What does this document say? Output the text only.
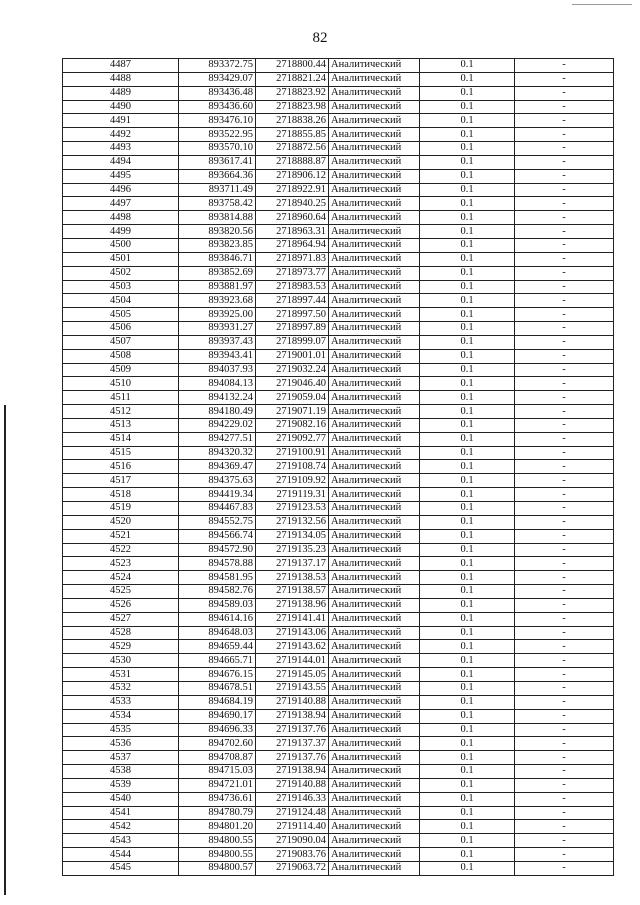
82
4487	893372.75	2718800.44	Аналитический	0.1	-
4488	893429.07	2718821.24	Аналитический	0.1	-
4489	893436.48	2718823.92	Аналитический	0.1	-
4490	893436.60	2718823.98	Аналитический	0.1	-
4491	893476.10	2718838.26	Аналитический	0.1	-
4492	893522.95	2718855.85	Аналитический	0.1	-
4493	893570.10	2718872.56	Аналитический	0.1	-
4494	893617.41	2718888.87	Аналитический	0.1	-
4495	893664.36	2718906.12	Аналитический	0.1	-
4496	893711.49	2718922.91	Аналитический	0.1	-
4497	893758.42	2718940.25	Аналитический	0.1	-
4498	893814.88	2718960.64	Аналитический	0.1	-
4499	893820.56	2718963.31	Аналитический	0.1	-
4500	893823.85	2718964.94	Аналитический	0.1	-
4501	893846.71	2718971.83	Аналитический	0.1	-
4502	893852.69	2718973.77	Аналитический	0.1	-
4503	893881.97	2718983.53	Аналитический	0.1	-
4504	893923.68	2718997.44	Аналитический	0.1	-
4505	893925.00	2718997.50	Аналитический	0.1	-
4506	893931.27	2718997.89	Аналитический	0.1	-
4507	893937.43	2718999.07	Аналитический	0.1	-
4508	893943.41	2719001.01	Аналитический	0.1	-
4509	894037.93	2719032.24	Аналитический	0.1	-
4510	894084.13	2719046.40	Аналитический	0.1	-
4511	894132.24	2719059.04	Аналитический	0.1	-
4512	894180.49	2719071.19	Аналитический	0.1	-
4513	894229.02	2719082.16	Аналитический	0.1	-
4514	894277.51	2719092.77	Аналитический	0.1	-
4515	894320.32	2719100.91	Аналитический	0.1	-
4516	894369.47	2719108.74	Аналитический	0.1	-
4517	894375.63	2719109.92	Аналитический	0.1	-
4518	894419.34	2719119.31	Аналитический	0.1	-
4519	894467.83	2719123.53	Аналитический	0.1	-
4520	894552.75	2719132.56	Аналитический	0.1	-
4521	894566.74	2719134.05	Аналитический	0.1	-
4522	894572.90	2719135.23	Аналитический	0.1	-
4523	894578.88	2719137.17	Аналитический	0.1	-
4524	894581.95	2719138.53	Аналитический	0.1	-
4525	894582.76	2719138.57	Аналитический	0.1	-
4526	894589.03	2719138.96	Аналитический	0.1	-
4527	894614.16	2719141.41	Аналитический	0.1	-
4528	894648.03	2719143.06	Аналитический	0.1	-
4529	894659.44	2719143.62	Аналитический	0.1	-
4530	894665.71	2719144.01	Аналитический	0.1	-
4531	894676.15	2719145.05	Аналитический	0.1	-
4532	894678.51	2719143.55	Аналитический	0.1	-
4533	894684.19	2719140.88	Аналитический	0.1	-
4534	894690.17	2719138.94	Аналитический	0.1	-
4535	894696.33	2719137.76	Аналитический	0.1	-
4536	894702.60	2719137.37	Аналитический	0.1	-
4537	894708.87	2719137.76	Аналитический	0.1	-
4538	894715.03	2719138.94	Аналитический	0.1	-
4539	894721.01	2719140.88	Аналитический	0.1	-
4540	894736.61	2719146.33	Аналитический	0.1	-
4541	894780.79	2719124.48	Аналитический	0.1	-
4542	894801.20	2719114.40	Аналитический	0.1	-
4543	894800.55	2719090.04	Аналитический	0.1	-
4544	894800.55	2719083.76	Аналитический	0.1	-
4545	894800.57	2719063.72	Аналитический	0.1	-
